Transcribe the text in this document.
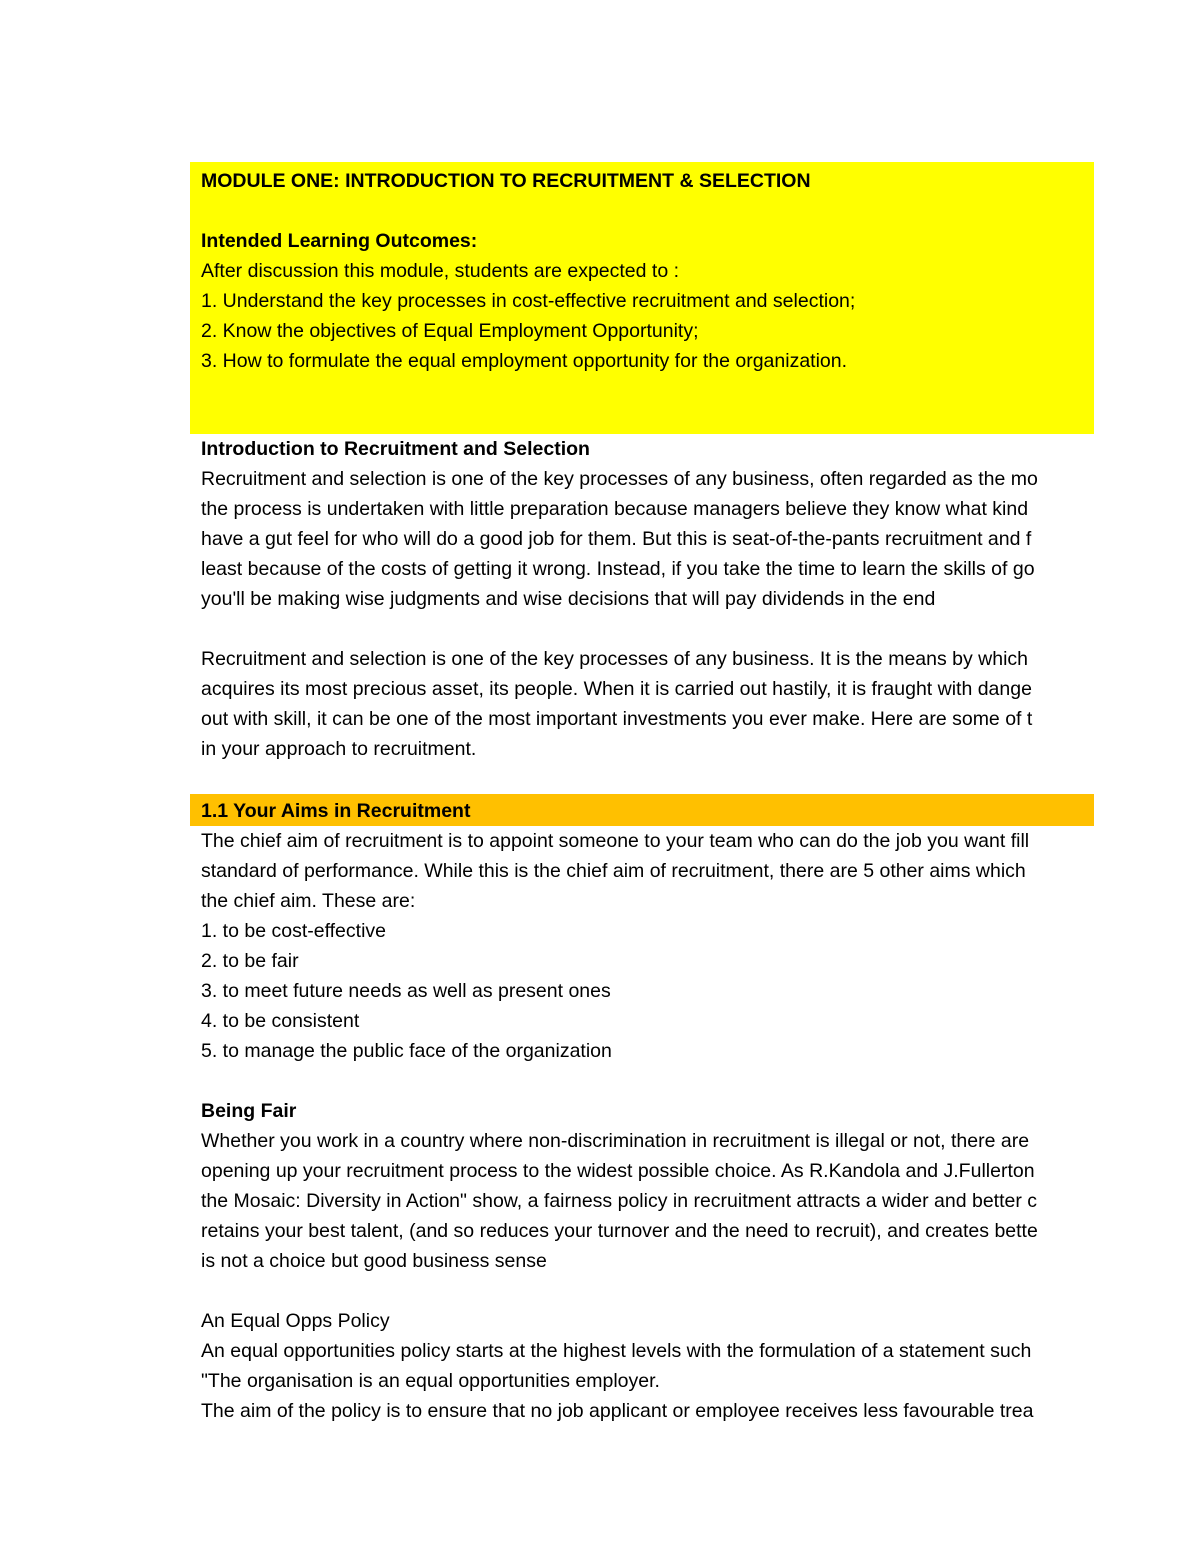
MODULE ONE: INTRODUCTION TO RECRUITMENT & SELECTION
Intended Learning Outcomes:
After discussion this module, students are expected to :
1. Understand the key processes in cost-effective recruitment and selection;
2. Know the objectives of Equal Employment Opportunity;
3. How to formulate the equal employment opportunity for the organization.
Introduction to Recruitment and Selection
Recruitment and selection is one of the key processes of any business, often regarded as the mo
the process is undertaken with little preparation because managers believe they know what kind
have a gut feel for who will do a good job for them. But this is seat-of-the-pants recruitment and f
least because of the costs of getting it wrong. Instead, if you take the time to learn the skills of go
you'll be making wise judgments and wise decisions that will pay dividends in the end
Recruitment and selection is one of the key processes of any business. It is the means by which
acquires its most precious asset, its people. When it is carried out hastily, it is fraught with dange
out with skill, it can be one of the most important investments you ever make. Here are some of t
in your approach to recruitment.
1.1 Your Aims in Recruitment
The chief aim of recruitment is to appoint someone to your team who can do the job you want fill
standard of performance. While this is the chief aim of recruitment, there are 5 other aims which
the chief aim. These are:
1. to be cost-effective
2. to be fair
3. to meet future needs as well as present ones
4. to be consistent
5. to manage the public face of the organization
Being Fair
Whether you work in a country where non-discrimination in recruitment is illegal or not, there are
opening up your recruitment process to the widest possible choice. As R.Kandola and J.Fullerton
the Mosaic: Diversity in Action" show, a fairness policy in recruitment attracts a wider and better c
retains your best talent, (and so reduces your turnover and the need to recruit), and creates bette
is not a choice but good business sense
An Equal Opps Policy
An equal opportunities policy starts at the highest levels with the formulation of a statement such
"The organisation is an equal opportunities employer.
The aim of the policy is to ensure that no job applicant or employee receives less favourable trea
